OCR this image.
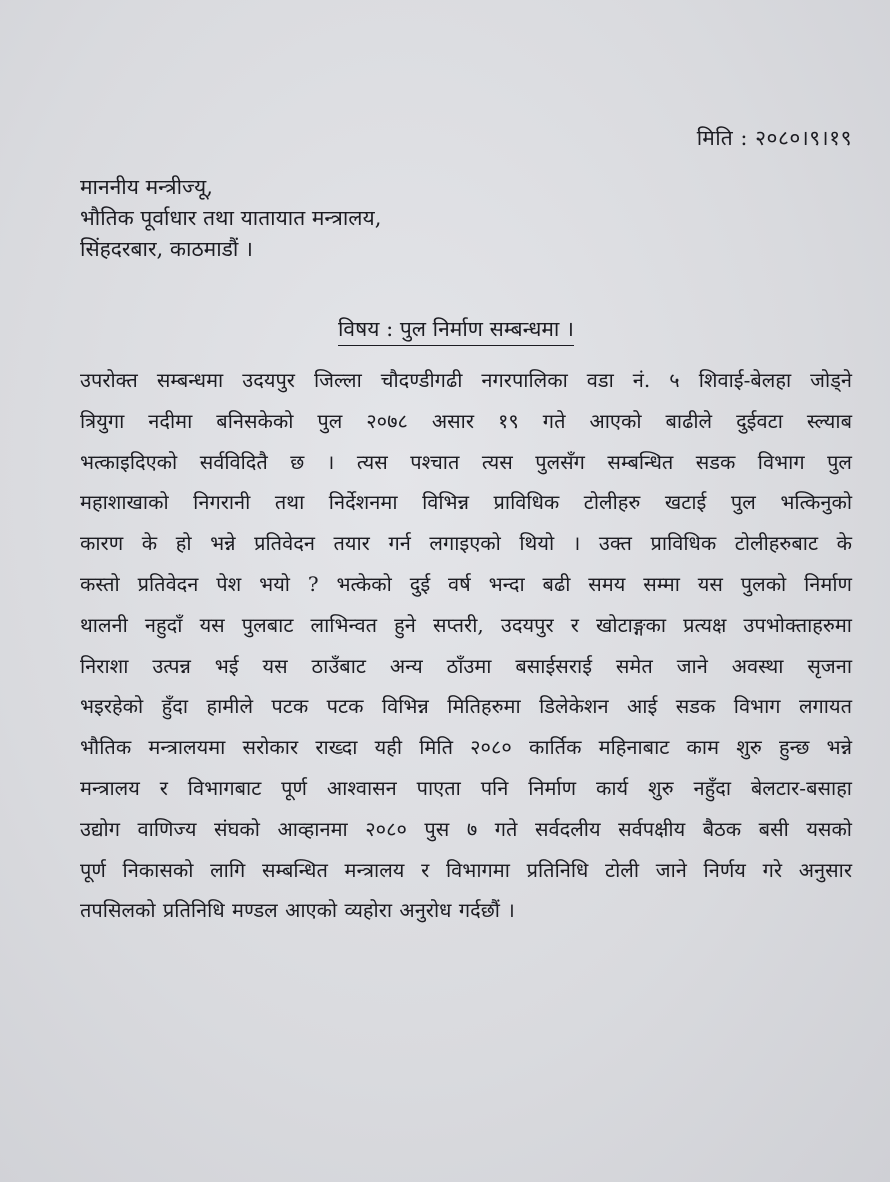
मिति : २०८०।९।१९
माननीय मन्त्रीज्यू,
भौतिक पूर्वाधार तथा यातायात मन्त्रालय,
सिंहदरबार, काठमाडौं ।
विषय : पुल निर्माण सम्बन्धमा ।
उपरोक्त सम्बन्धमा उदयपुर जिल्ला चौदण्डीगढी नगरपालिका वडा नं. ५ शिवाई-बेलहा जोड्ने
त्रियुगा नदीमा बनिसकेको पुल २०७८ असार १९ गते आएको बाढीले दुईवटा स्ल्याब
भत्काइदिएको सर्वविदितै छ । त्यस पश्चात त्यस पुलसँग सम्बन्धित सडक विभाग पुल
महाशाखाको निगरानी तथा निर्देशनमा विभिन्न प्राविधिक टोलीहरु खटाई पुल भत्किनुको
कारण के हो भन्ने प्रतिवेदन तयार गर्न लगाइएको थियो । उक्त प्राविधिक टोलीहरुबाट के
कस्तो प्रतिवेदन पेश भयो ? भत्केको दुई वर्ष भन्दा बढी समय सम्मा यस पुलको निर्माण
थालनी नहुदाँ यस पुलबाट लाभिन्वत हुने सप्तरी, उदयपुर र खोटाङ्गका प्रत्यक्ष उपभोक्ताहरुमा
निराशा उत्पन्न भई यस ठाउँबाट अन्य ठाँउमा बसाईसराई समेत जाने अवस्था सृजना
भइरहेको हुँदा हामीले पटक पटक विभिन्न मितिहरुमा डिलेकेशन आई सडक विभाग लगायत
भौतिक मन्त्रालयमा सरोकार राख्दा यही मिति २०८० कार्तिक महिनाबाट काम शुरु हुन्छ भन्ने
मन्त्रालय र विभागबाट पूर्ण आश्वासन पाएता पनि निर्माण कार्य शुरु नहुँदा बेलटार-बसाहा
उद्योग वाणिज्य संघको आव्हानमा २०८० पुस ७ गते सर्वदलीय सर्वपक्षीय बैठक बसी यसको
पूर्ण निकासको लागि सम्बन्धित मन्त्रालय र विभागमा प्रतिनिधि टोली जाने निर्णय गरे अनुसार
तपसिलको प्रतिनिधि मण्डल आएको व्यहोरा अनुरोध गर्दछौं ।
